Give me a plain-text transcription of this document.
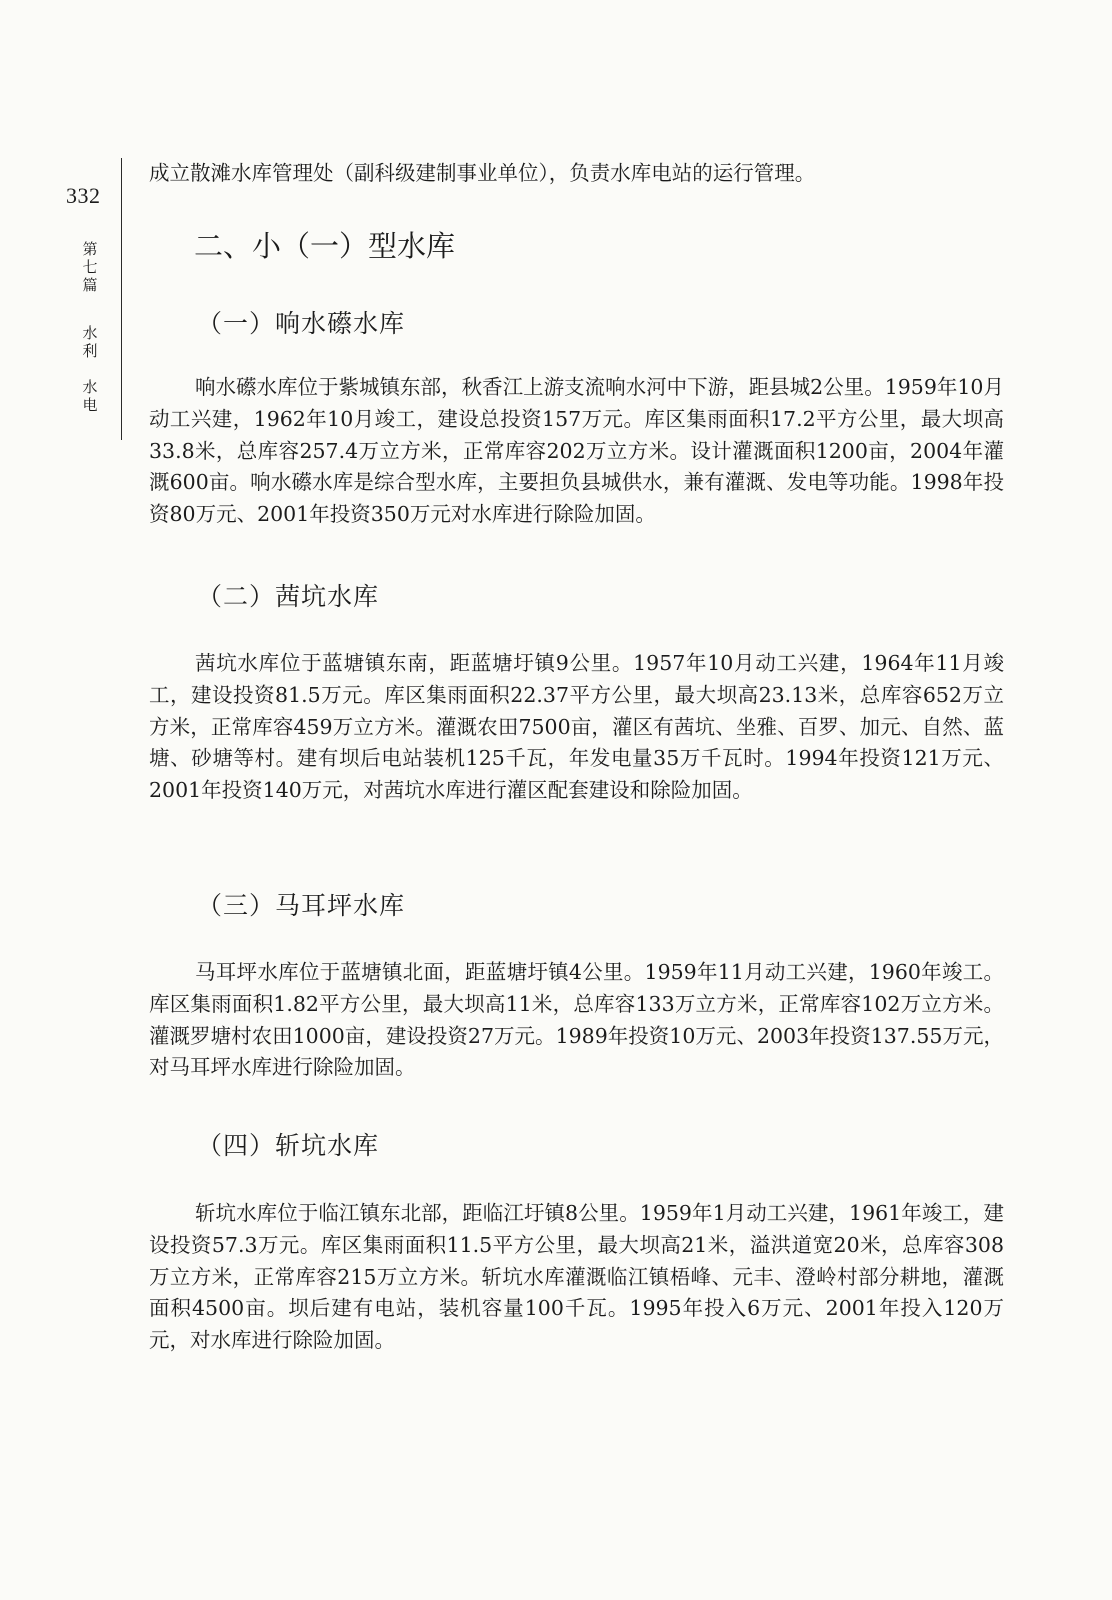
332
第
七
篇
水
利
水
电
成立散滩水库管理处（副科级建制事业单位），负责水库电站的运行管理。
二、小（一）型水库
（一）响水礤水库
响水礤水库位于紫城镇东部，秋香江上游支流响水河中下游，距县城2公里。1959年10月动工兴建，1962年10月竣工，建设总投资157万元。库区集雨面积17.2平方公里，最大坝高33.8米，总库容257.4万立方米，正常库容202万立方米。设计灌溉面积1200亩，2004年灌溉600亩。响水礤水库是综合型水库，主要担负县城供水，兼有灌溉、发电等功能。1998年投资80万元、2001年投资350万元对水库进行除险加固。
（二）茜坑水库
茜坑水库位于蓝塘镇东南，距蓝塘圩镇9公里。1957年10月动工兴建，1964年11月竣工，建设投资81.5万元。库区集雨面积22.37平方公里，最大坝高23.13米，总库容652万立方米，正常库容459万立方米。灌溉农田7500亩，灌区有茜坑、坐雅、百罗、加元、自然、蓝塘、砂塘等村。建有坝后电站装机125千瓦，年发电量35万千瓦时。1994年投资121万元、2001年投资140万元，对茜坑水库进行灌区配套建设和除险加固。
（三）马耳坪水库
马耳坪水库位于蓝塘镇北面，距蓝塘圩镇4公里。1959年11月动工兴建，1960年竣工。库区集雨面积1.82平方公里，最大坝高11米，总库容133万立方米，正常库容102万立方米。灌溉罗塘村农田1000亩，建设投资27万元。1989年投资10万元、2003年投资137.55万元，对马耳坪水库进行除险加固。
（四）斩坑水库
斩坑水库位于临江镇东北部，距临江圩镇8公里。1959年1月动工兴建，1961年竣工，建设投资57.3万元。库区集雨面积11.5平方公里，最大坝高21米，溢洪道宽20米，总库容308万立方米，正常库容215万立方米。斩坑水库灌溉临江镇梧峰、元丰、澄岭村部分耕地，灌溉面积4500亩。坝后建有电站，装机容量100千瓦。1995年投入6万元、2001年投入120万元，对水库进行除险加固。
